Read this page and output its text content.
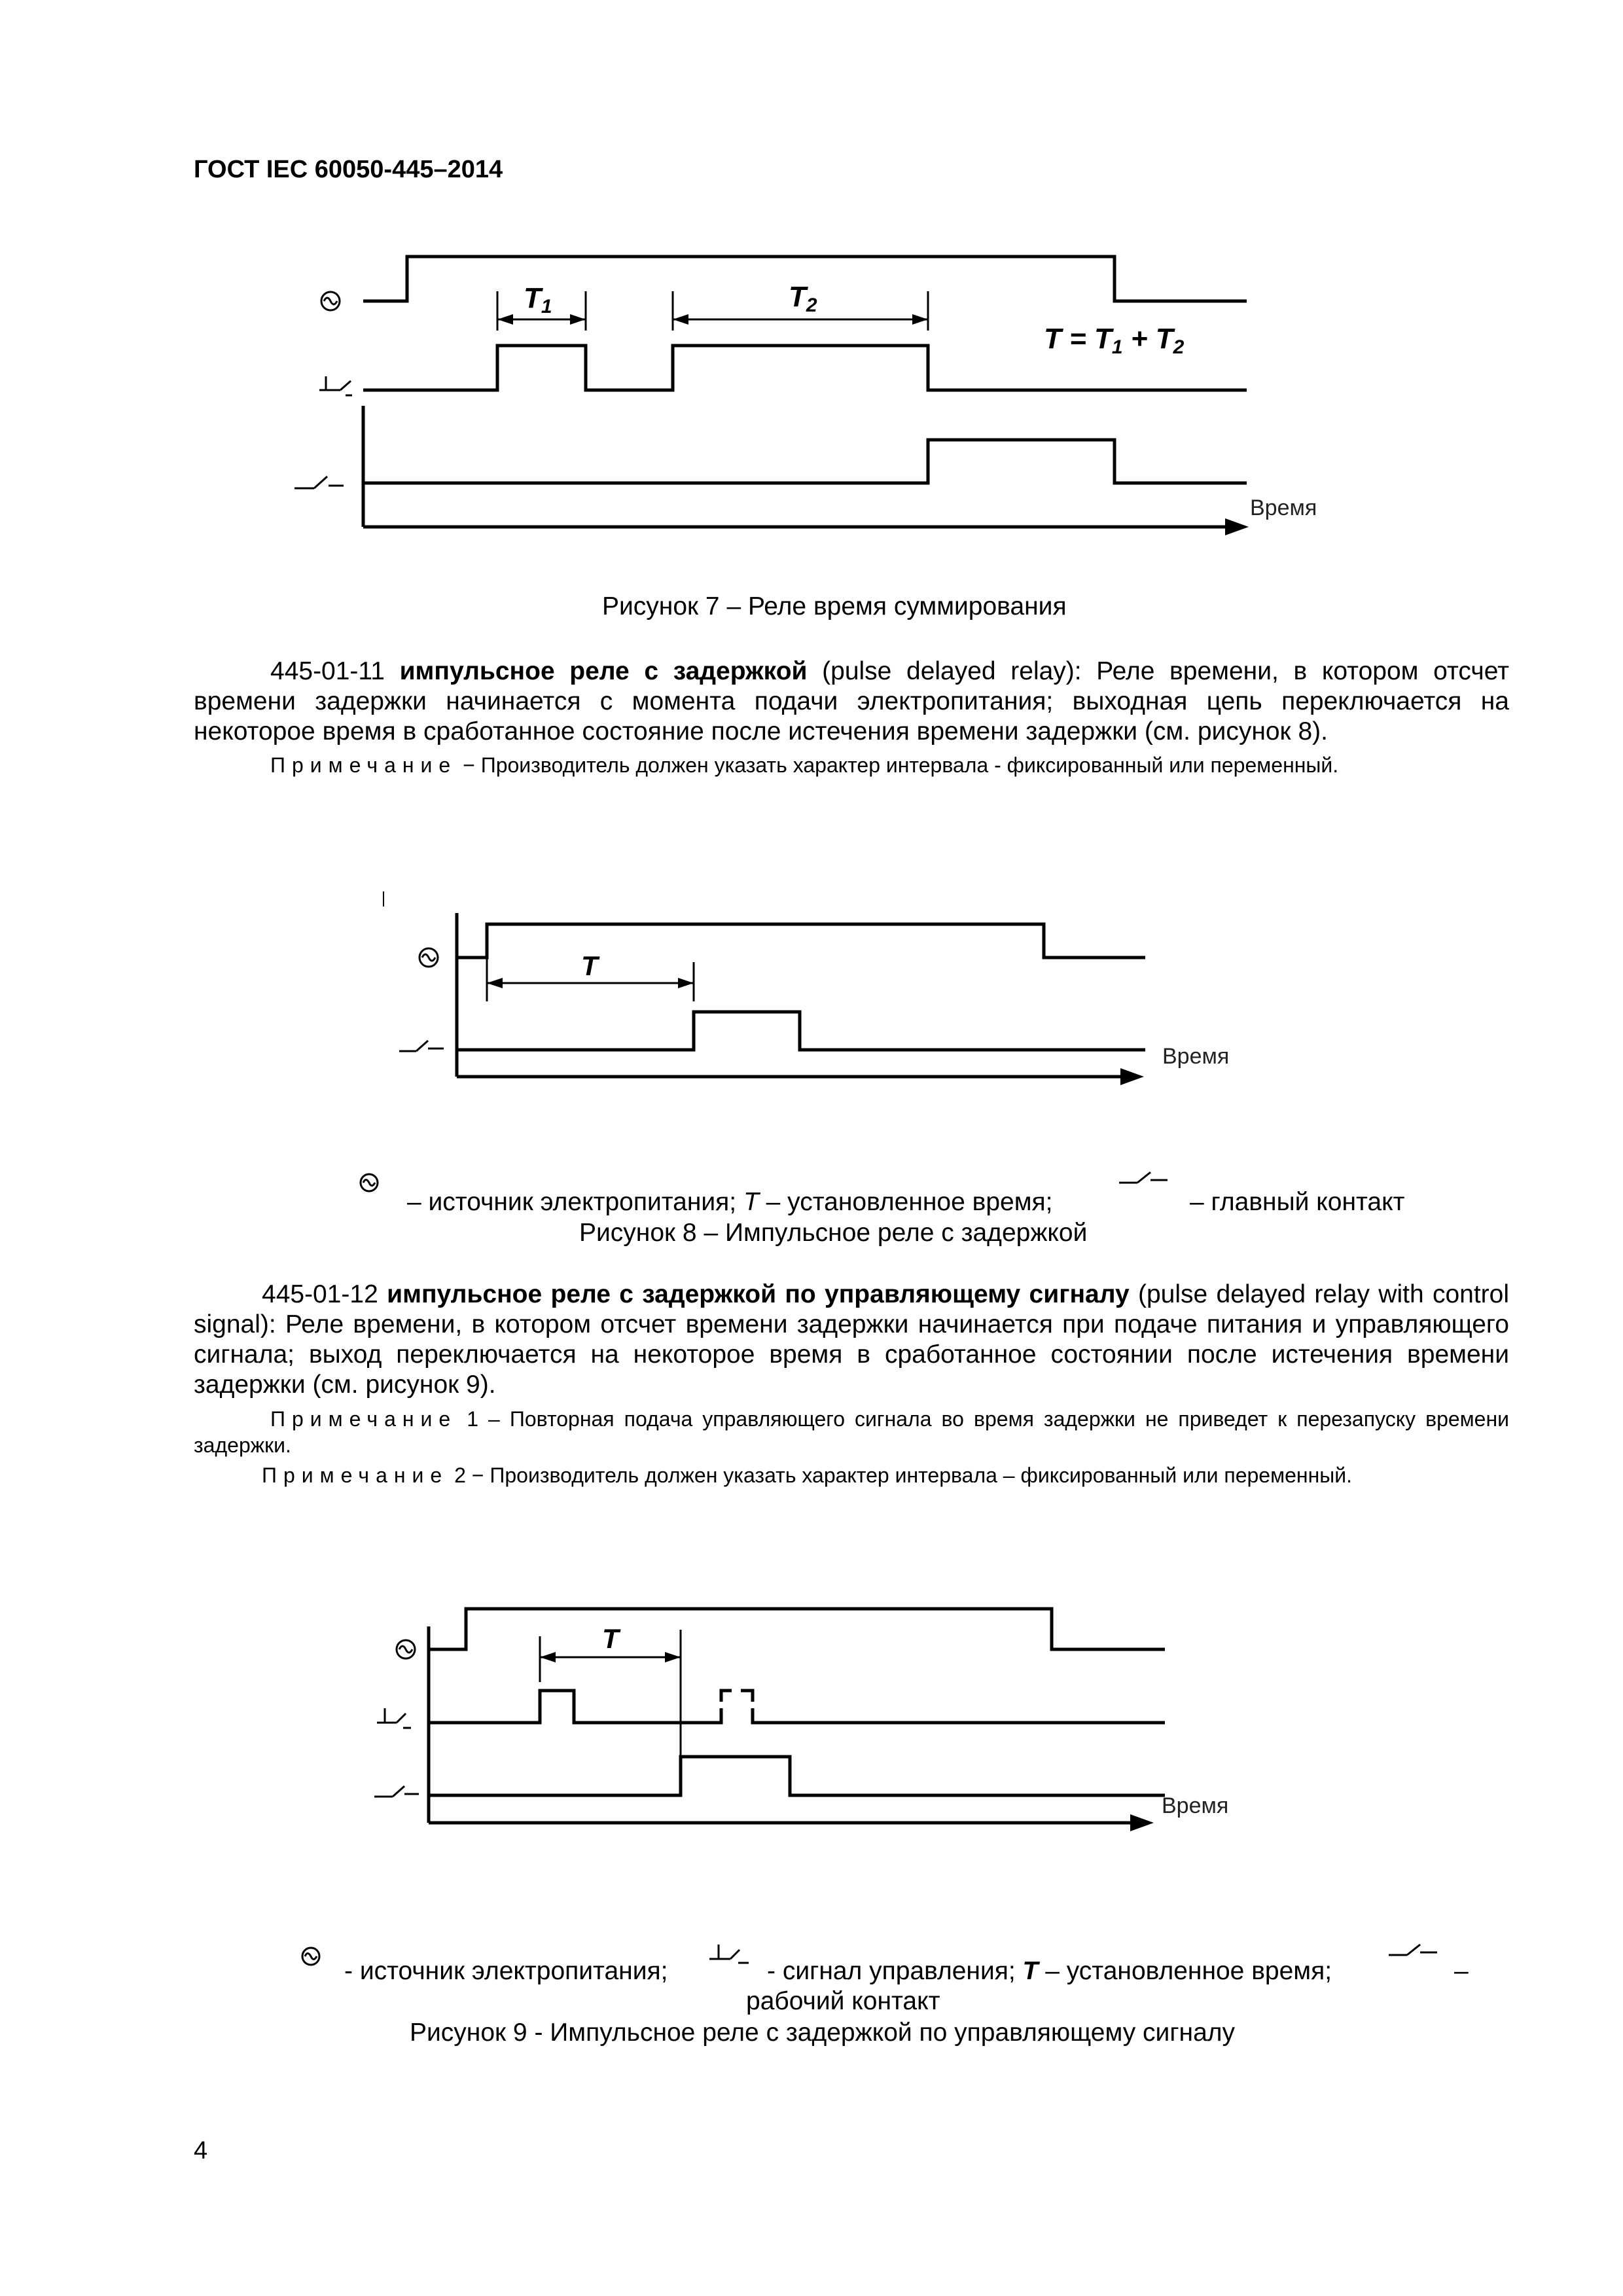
ГОСТ IEC 60050-445–2014
T1	T2
T = T1 + T2
Время
Рисунок 7 – Реле время суммирования
445-01-11 импульсное реле с задержкой (pulse delayed relay): Реле времени, в котором отсчет времени задержки начинается с момента подачи электропитания; выходная цепь переключается на некоторое время в сработанное состояние после истечения времени задержки (см. рисунок 8).
Примечание − Производитель должен указать характер интервала - фиксированный или переменный.
T
Время
– источник электропитания; T – установленное время;	– главный контакт
Рисунок 8 – Импульсное реле с задержкой
445-01-12 импульсное реле с задержкой по управляющему сигналу (pulse delayed relay with control signal): Реле времени, в котором отсчет времени задержки начинается при подаче питания и управляющего сигнала; выход переключается на некоторое время в сработанное состоянии после истечения времени задержки (см. рисунок 9).
Примечание 1 – Повторная подача управляющего сигнала во время задержки не приведет к перезапуску времени задержки.
Примечание 2 − Производитель должен указать характер интервала – фиксированный или переменный.
T
Время
- источник электропитания;	- сигнал управления; T – установленное время;	–
рабочий контакт
Рисунок 9 - Импульсное реле с задержкой по управляющему сигналу
4
